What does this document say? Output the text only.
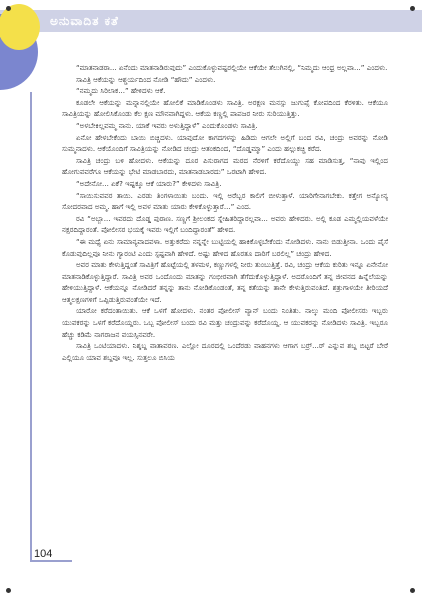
ಅನುವಾದಿತ ಕತೆ

“ಮಾತನಾಡರಾ... ಏನೆಂದು ಮಾತನಾಡಿರುವುದು” ಎಂದುಕೊಳ್ಳುವಷ್ಟರಲ್ಲಿಯೇ ಆಕೆಯೇ ತೆಲುಗಿನಲ್ಲಿ, “ನಿಮ್ಮದು ಆಂಧ್ರ ಅಲ್ಲವಾ...” ಎಂದಳು.

ಸಾವಿತ್ರಿ ಆಕೆಯನ್ನು ಆಶ್ಚರ್ಯದಿಂದ ನೋಡಿ “ಹೌದು” ಎಂದಳು.

“ನಮ್ಮದು ಸಿರಿಲಾಕ...” ಹೇಳಿದಳು ಆಕೆ.

ಕೂಡಲೇ ಆಕೆಯನ್ನು ಮನ್ನಾನಲ್ಲಿಯೇ ಹೋಲಿಕೆ ಮಾಡಿಕೊಂಡಳು ಸಾವಿತ್ರಿ. ಅರಕ್ಷಣ ಮನಸ್ಸು ಜುಗುಪ್ಸೆ ಕೋಪದಿಂದ ಕೆರಳಿತು. ಆಕೆಯೂ ಸಾವಿತ್ರಿಯನ್ನು ಹೋಲಿಸಿಕೊಂಡು ಕೆಲ ಕ್ಷಣ ಮೌನವಾಗಿದ್ದಳು. ಆಕೆಯ ಕಣ್ಣಲ್ಲಿ ಪಾಪಜರ ನೀರು ಸುರಿಯುತ್ತಿತ್ತು.

“ಅಳಬೇಕಿಲ್ಲವಮ್ಮ ನಾನು. ಯಾಕೆ ಇವರು ಅಳುತ್ತಿದ್ದಾಳೆ” ಎಂದುಕೊಂಡಳು ಸಾವಿತ್ರಿ.

ಏನೋ ಹೇಳಬೇಕೆಂದು ಬಾಯಿ ಬಿಚ್ಚಿದಳು. ಯಾವುದೋ ಕಾಗದಗಳನ್ನು ಹಿಡಿದು ಆಗಲೇ ಅಲ್ಲಿಗೆ ಬಂದ ರವಿ, ಚಂದ್ರು ಅವರನ್ನು ನೋಡಿ ಸುಮ್ಮನಾದಳು. ಆಕೆಯೊಂದಿಗೆ ಸಾವಿತ್ರಿಯನ್ನು ನೋಡಿದ ಚಂದ್ರು ಆತಂಕದಿಂದ, “ದೊಡ್ಡಮ್ಮಾ” ಎಂದು ಹಲ್ಲುಕಚ್ಚಿ ಕರೆದ.

ಸಾವಿತ್ರಿ ಚಂದ್ರು ಬಳಿ ಹೋದಳು. ಆಕೆಯನ್ನು ದೂರ ಪಿಸುರಾಗದ ಮರದ ನೆರಳಿಗೆ ಕರೆದೊಯ್ದು ಸಹ ಮಾಡಿಸುತ್ತ, “ನಾವು ಇಲ್ಲಿಂದ ಹೋಗುವವರೆಗೂ ಆಕೆಯನ್ನು ಭೇಟಿ ಮಾಡಬಾರದು, ಮಾತನಾಡಬಾರದು” ಒರಟಾಗಿ ಹೇಳಿದ.

“ಅದೇನೋ... ಏಕೆ? ಇಷ್ಟಕ್ಕೂ ಆಕೆ ಯಾರು?” ಕೇಳಿದಳು ಸಾವಿತ್ರಿ.

“ಸಾಯಿಸುವವರ ತಾಯಿ. ಎರಡು ತಿಂಗಳಾಯಿತು ಬಂದು. ಇಲ್ಲಿ ಅರೆಬ್ಬರ ಕಾಲಿಗೆ ಬೀಳುತ್ತಾಳೆ. ಯಾರಿಗೇನಾಗಬೇಕು. ಕತ್ತೇಗ ಅನ್ಯೋನ್ಯ ಸೋದರವಾದ ಅಮ್ಮ. ಹಾಗೆ ಇಲ್ಲಿ ಅವಳ ಮಾತು ಯಾರು ಕೇಳಿಕೊಳ್ಳುತ್ತಾರೆ...” ಎಂದ.

ರವಿ “ಅಬ್ಬಾ... ಇವರದು ದೊಡ್ಡ ಪುರಾಣ. ಸಣ್ಣಗೆ ಶ್ರೀಲಂಕದ ಸ್ನೇಹಿತರಿದ್ದಾರಲ್ಲವಾ... ಅವರು ಹೇಳಿದರು. ಅಲ್ಲಿ ಕೂಡ ಎಮ್ಮಲ್ಲಿಯವಳೆಯೇ ನಕ್ಷರದಿದ್ದಾರಂತೆ. ಪೋಲೀಸರ ಭಯಕ್ಕೆ ಇವರು ಇಲ್ಲಿಗೆ ಬಂದಿದ್ದಾರಂತೆ” ಹೇಳಿದ.

“ಈ ಮಧ್ಯೆ ಏನು ಸಾಮಾನ್ಯವಾದವಳಾ. ಅತ್ತುಕರೆದು ನನ್ನನ್ನೇ ಬುಟ್ಟಿಯಲ್ಲಿ ಹಾಕಿಕೊಳ್ಳಬೇಕೆಂದು ನೋಡಿದಳು. ನಾನು ಬಿಡುತ್ತೀನಾ. ಒಂದು ಪೈಸೆ ಕೊಡುವುದಿಲ್ಲವೂ ನೀನು ಗ್ಯಾರಂಟಿ ಎಂದು ಸ್ಪಷ್ಟವಾಗಿ ಹೇಳಿದೆ. ಅಷ್ಟು ಹೇಳಿದ ಹೊರತೂ ದಾರಿಗೆ ಬರಲಿಲ್ಲ” ಚಂದ್ರು ಹೇಳಿದ.

ಅವರ ಮಾತು ಕೇಳುತ್ತಿದ್ದಂತೆ ಸಾವಿತ್ರಿಗೆ ಹೊಟ್ಟೆಯಲ್ಲಿ ತಳಮಳ, ಕಣ್ಣುಗಳಲ್ಲಿ ನೀರು ತುಂಬುತ್ತಿತ್ತೆ. ರವಿ, ಚಂದ್ರು ಆಕೆಯ ಕುರಿತು ಇನ್ನೂ ಏನೇನೋ ಮಾತನಾಡಿಕೊಳ್ಳುತ್ತಿದ್ದಾರೆ. ಸಾವಿತ್ರಿ ಅವರ ಒಂದೊಂದು ಮಾತನ್ನು ಗಂಭೀರವಾಗಿ ತೆಗೆದುಕೊಳ್ಳುತ್ತಿದ್ದಾಳೆ. ಅದರೊಂದಿಗೆ ತನ್ನ ಜೀವನದ ಹಿನ್ನೆಲೆಯನ್ನು ಹೇಳಿಯುತ್ತಿದ್ದಾಳೆ. ಆಕೆಯನ್ನೂ ನೋಡಿದರೆ ತನ್ನನ್ನು ತಾನು ನೋಡಿಕೊಂಡಂತೆ, ತನ್ನ ಕತೆಯನ್ನು ತಾನೇ ಕೇಳುತ್ತಿರುವಂತಿದೆ. ಶತ್ರುಗಾಳಯೇ ತೀರಿಯದೆ ಆತ್ಮಲಕ್ಷಣಗಳಿಗೆ ಒಪ್ಪಿಡುತ್ತಿರುವಂತೆಯೇ ಇದೆ.

ಯಾರೋ ಕರೆದಂತಾಯಿತು. ಆಕೆ ಒಳಗೆ ಹೋದಳು. ನಂತರ ಪೋಲೀಸ್ ವ್ಯಾನ್ ಬಂದು ನಿಂತಿತು. ನಾಲ್ಕು ಮಂದಿ ಪೋಲೀಸರು ಇಬ್ಬರು ಯುವಕರನ್ನು ಒಳಗೆ ಕರೆದೊಯ್ದರು. ಒಬ್ಬ ಪೋಲೀಸ್ ಬಂದು ರವಿ ಮತ್ತು ಚಂದ್ರುವನ್ನು ಕರೆದೊಯ್ದ. ಆ ಯುವಕರನ್ನು ನೋಡಿದಳು ಸಾವಿತ್ರಿ. ಇಬ್ಬರೂ ಹೆಚ್ಚು ಕಡಿಮೆ ನಾಗರಾಜನ ವಯಸ್ಸಿನವರೇ.

ಸಾವಿತ್ರಿ ಒಂಟಿಯಾದಳು. ನಿಶ್ಶಬ್ದ ವಾತಾವರಣ. ಎಲ್ಲೋ ದೂರದಲ್ಲಿ ಒಂದೆರಡು ವಾಹನಗಳು ಆಗಾಗ ಬರ್‍ರ್...ರ್ ಎನ್ನುವ ಶಬ್ದ ಬಿಟ್ಟರೆ ಬೇರೆ ಎಲ್ಲಿಯೂ ಯಾವ ಶಬ್ದವೂ ಇಲ್ಲ. ಸುತ್ತಲೂ ಬಿಸಿಯ

104
